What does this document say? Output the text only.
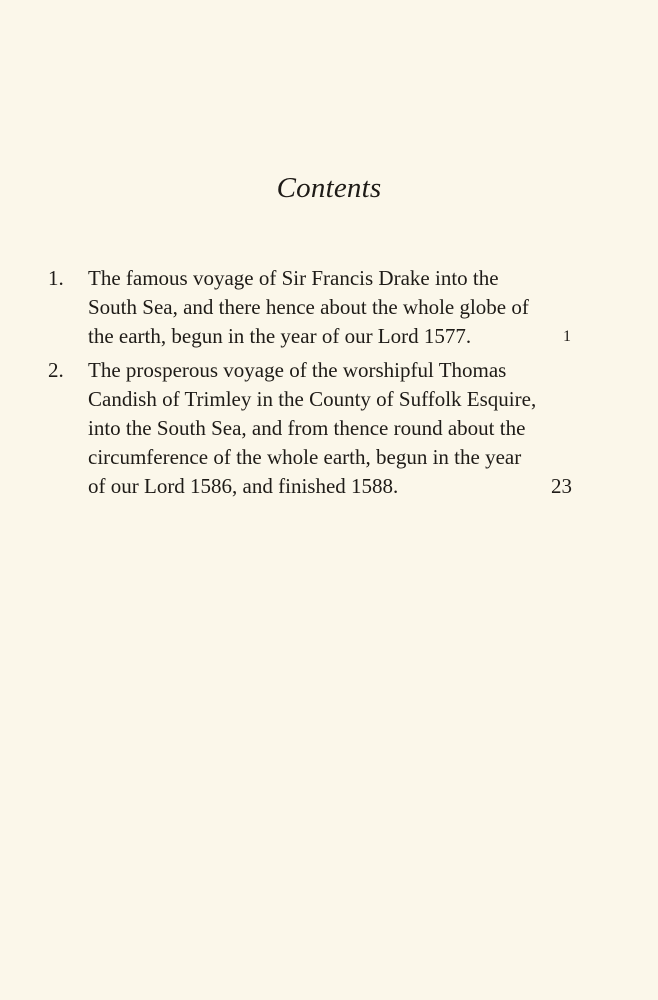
Contents
1.	The famous voyage of Sir Francis Drake into the South Sea, and there hence about the whole globe of the earth, begun in the year of our Lord 1577.	1
2.	The prosperous voyage of the worshipful Thomas Candish of Trimley in the County of Suffolk Esquire, into the South Sea, and from thence round about the circumference of the whole earth, begun in the year of our Lord 1586, and finished 1588.	23
